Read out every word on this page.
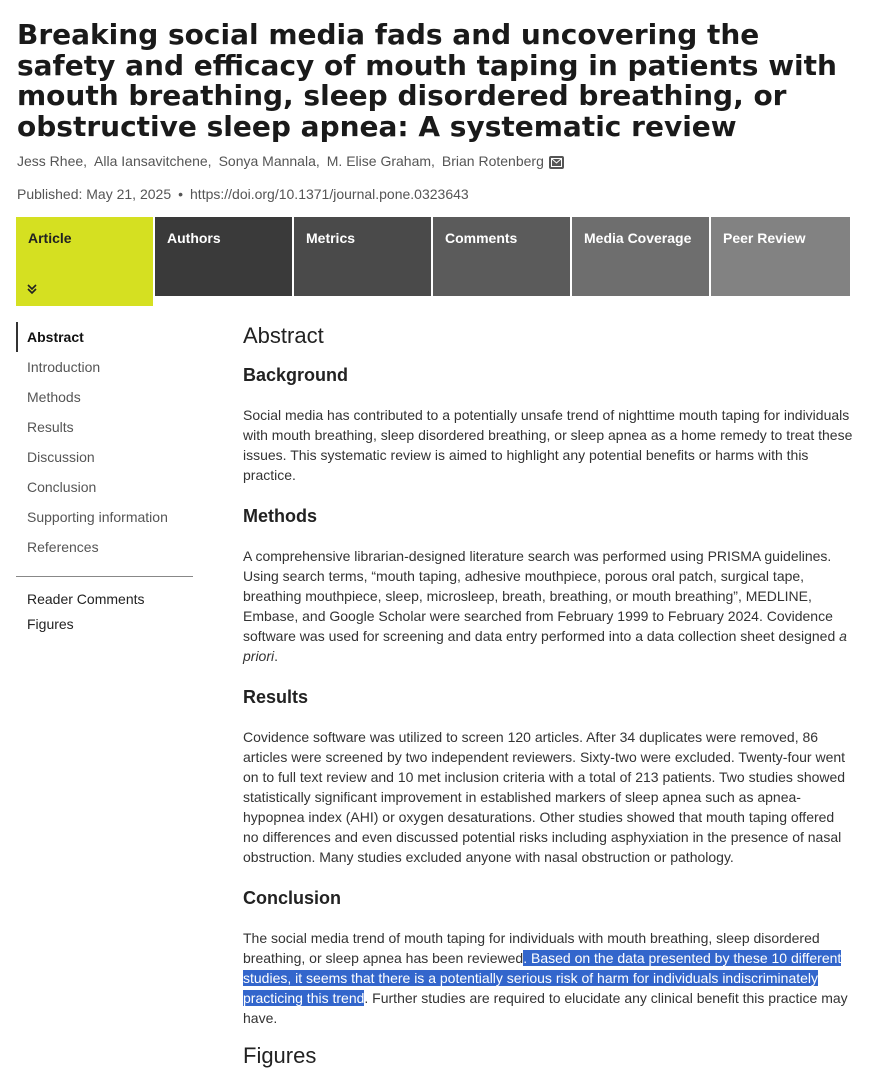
Breaking social media fads and uncovering the safety and efficacy of mouth taping in patients with mouth breathing, sleep disordered breathing, or obstructive sleep apnea: A systematic review
Jess Rhee, Alla Iansavitchene, Sonya Mannala, M. Elise Graham, Brian Rotenberg
Published: May 21, 2025 • https://doi.org/10.1371/journal.pone.0323643
Article	Authors	Metrics	Comments	Media Coverage	Peer Review
Abstract
Introduction
Methods
Results
Discussion
Conclusion
Supporting information
References
Reader Comments
Figures
Abstract
Background

Social media has contributed to a potentially unsafe trend of nighttime mouth taping for individuals with mouth breathing, sleep disordered breathing, or sleep apnea as a home remedy to treat these issues. This systematic review is aimed to highlight any potential benefits or harms with this practice.

Methods

A comprehensive librarian-designed literature search was performed using PRISMA guidelines. Using search terms, “mouth taping, adhesive mouthpiece, porous oral patch, surgical tape, breathing mouthpiece, sleep, microsleep, breath, breathing, or mouth breathing”, MEDLINE, Embase, and Google Scholar were searched from February 1999 to February 2024. Covidence software was used for screening and data entry performed into a data collection sheet designed a priori.

Results

Covidence software was utilized to screen 120 articles. After 34 duplicates were removed, 86 articles were screened by two independent reviewers. Sixty-two were excluded. Twenty-four went on to full text review and 10 met inclusion criteria with a total of 213 patients. Two studies showed statistically significant improvement in established markers of sleep apnea such as apnea-hypopnea index (AHI) or oxygen desaturations. Other studies showed that mouth taping offered no differences and even discussed potential risks including asphyxiation in the presence of nasal obstruction. Many studies excluded anyone with nasal obstruction or pathology.

Conclusion

The social media trend of mouth taping for individuals with mouth breathing, sleep disordered breathing, or sleep apnea has been reviewed. Based on the data presented by these 10 different studies, it seems that there is a potentially serious risk of harm for individuals indiscriminately practicing this trend. Further studies are required to elucidate any clinical benefit this practice may have.

Figures
